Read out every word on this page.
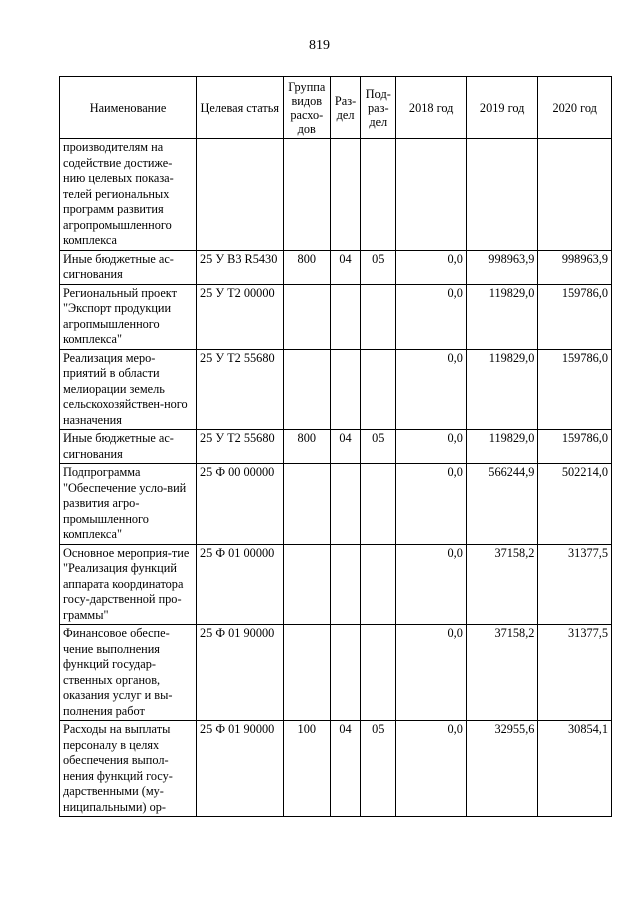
819
Наименование	Целевая статья	Группа видов расхо-дов	Раз-дел	Под-раз-дел	2018 год	2019 год	2020 год
производителям на содействие достиже-нию целевых показа-телей региональных программ развития агропромышленного комплекса							
Иные бюджетные ас-сигнования	25 У В3 R5430	800	04	05	0,0	998963,9	998963,9
Региональный проект "Экспорт продукции агропмышленного комплекса"	25 У Т2 00000				0,0	119829,0	159786,0
Реализация меро-приятий в области мелиорации земель сельскохозяйствен-ного назначения	25 У Т2 55680				0,0	119829,0	159786,0
Иные бюджетные ас-сигнования	25 У Т2 55680	800	04	05	0,0	119829,0	159786,0
Подпрограмма "Обеспечение усло-вий развития агро-промышленного комплекса"	25 Ф 00 00000				0,0	566244,9	502214,0
Основное мероприя-тие "Реализация функций аппарата координатора госу-дарственной про-граммы"	25 Ф 01 00000				0,0	37158,2	31377,5
Финансовое обеспе-чение выполнения функций государ-ственных органов, оказания услуг и вы-полнения работ	25 Ф 01 90000				0,0	37158,2	31377,5
Расходы на выплаты персоналу в целях обеспечения выпол-нения функций госу-дарственными (му-ниципальными) ор-	25 Ф 01 90000	100	04	05	0,0	32955,6	30854,1
